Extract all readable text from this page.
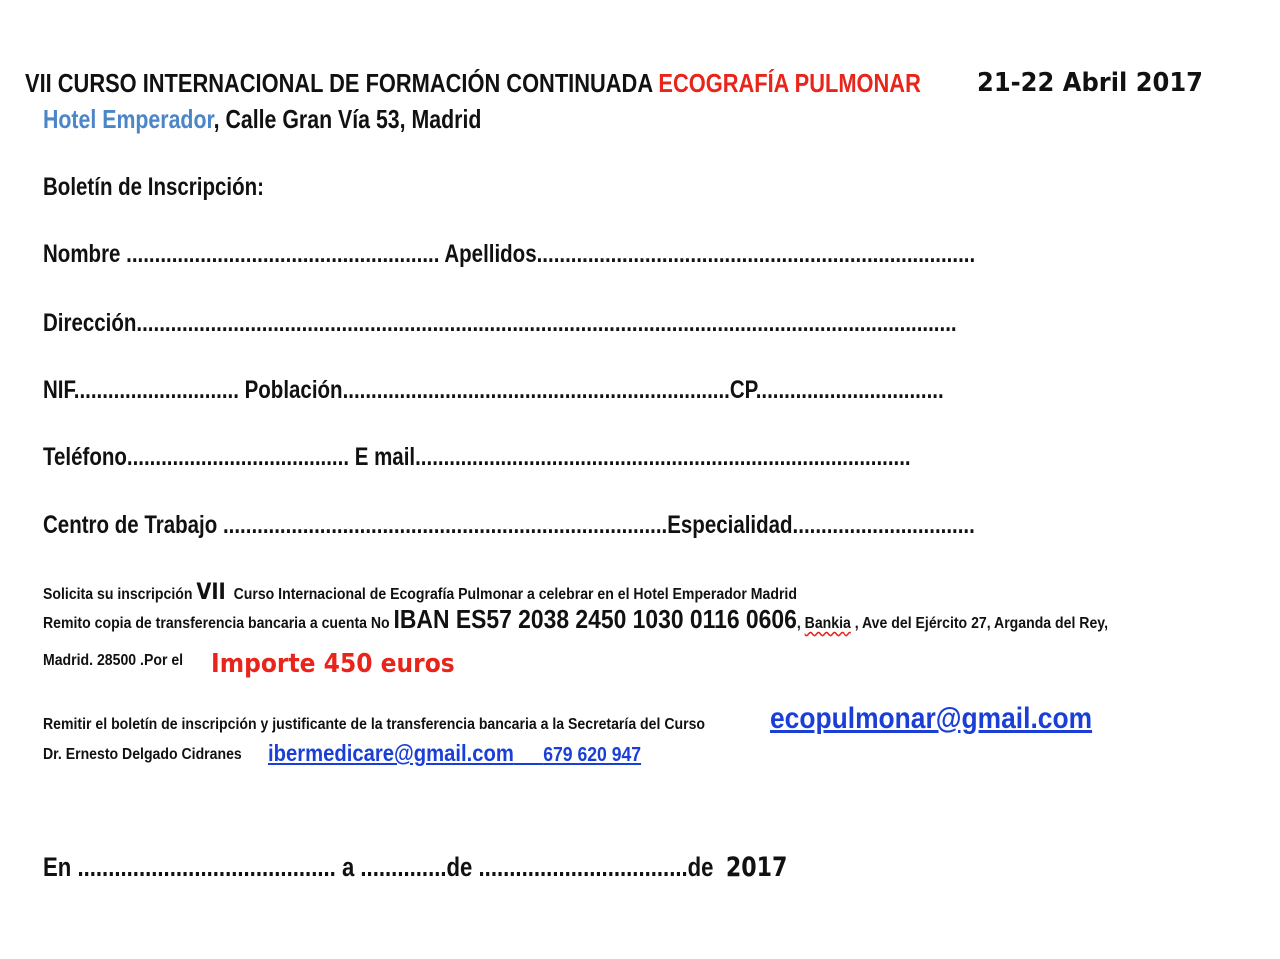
VII CURSO INTERNACIONAL DE FORMACIÓN CONTINUADA ECOGRAFÍA PULMONAR	21-22 Abril 2017
Hotel Emperador, Calle Gran Vía 53, Madrid
Boletín de Inscripción:
Nombre ....................................................... Apellidos.............................................................................
Dirección................................................................................................................................................
NIF............................. Población....................................................................CP.................................
Teléfono....................................... E mail.......................................................................................
Centro de Trabajo ..............................................................................Especialidad................................
Solicita su inscripción VII Curso Internacional de Ecografía Pulmonar a celebrar en el Hotel Emperador Madrid
Remito copia de transferencia bancaria a cuenta No IBAN ES57 2038 2450 1030 0116 0606, Bankia , Ave del Ejército 27, Arganda del Rey,
Madrid. 28500 .Por el	Importe 450 euros
Remitir el boletín de inscripción y justificante de la transferencia bancaria a la Secretaría del Curso	ecopulmonar@gmail.com
Dr. Ernesto Delgado Cidranes	ibermedicare@gmail.com 679 620 947
En .......................................... a ..............de ..................................de 2017
